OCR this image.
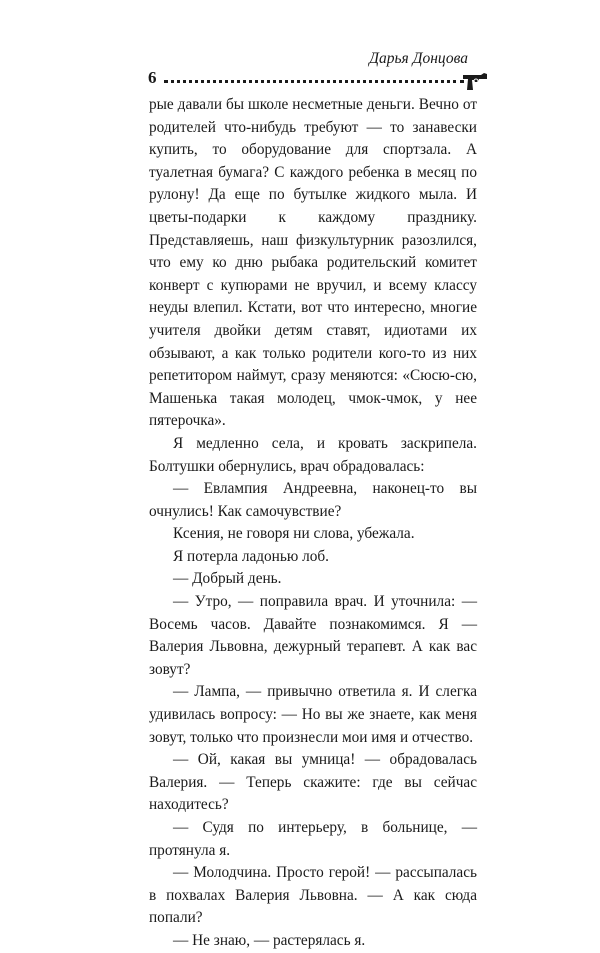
6
Дарья Донцова

рые давали бы школе несметные деньги. Вечно от родителей что-нибудь требуют — то занавески купить, то оборудование для спортзала. А туалетная бумага? С каждого ребенка в месяц по рулону! Да еще по бутылке жидкого мыла. И цветы-подарки к каждому празднику. Представляешь, наш физкультурник разозлился, что ему ко дню рыбака родительский комитет конверт с купюрами не вручил, и всему классу неуды влепил. Кстати, вот что интересно, многие учителя двойки детям ставят, идиотами их обзывают, а как только родители кого-то из них репетитором наймут, сразу меняются: «Сюсю-сю, Машенька такая молодец, чмок-чмок, у нее пятерочка».

Я медленно села, и кровать заскрипела. Болтушки обернулись, врач обрадовалась:

— Евлампия Андреевна, наконец-то вы очнулись! Как самочувствие?

Ксения, не говоря ни слова, убежала.

Я потерла ладонью лоб.

— Добрый день.

— Утро, — поправила врач. И уточнила: — Восемь часов. Давайте познакомимся. Я — Валерия Львовна, дежурный терапевт. А как вас зовут?

— Лампа, — привычно ответила я. И слегка удивилась вопросу: — Но вы же знаете, как меня зовут, только что произнесли мои имя и отчество.

— Ой, какая вы умница! — обрадовалась Валерия. — Теперь скажите: где вы сейчас находитесь?

— Судя по интерьеру, в больнице, — протянула я.

— Молодчина. Просто герой! — рассыпалась в похвалах Валерия Львовна. — А как сюда попали?

— Не знаю, — растерялась я.
